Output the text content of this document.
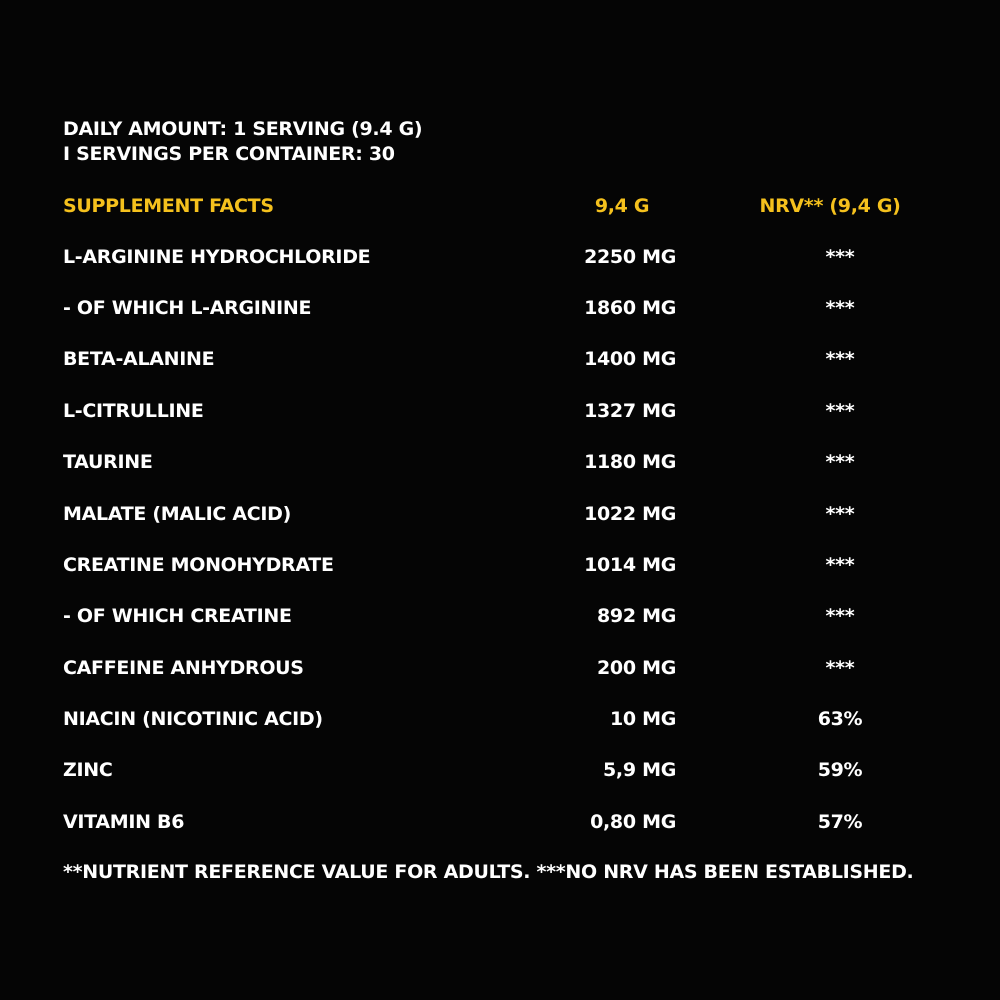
DAILY AMOUNT: 1 SERVING (9.4 G)
I SERVINGS PER CONTAINER: 30
SUPPLEMENT FACTS	9,4 G	NRV** (9,4 G)
L-ARGININE HYDROCHLORIDE	2250 MG	***
- OF WHICH L-ARGININE	1860 MG	***
BETA-ALANINE	1400 MG	***
L-CITRULLINE	1327 MG	***
TAURINE	1180 MG	***
MALATE (MALIC ACID)	1022 MG	***
CREATINE MONOHYDRATE	1014 MG	***
- OF WHICH CREATINE	892 MG	***
CAFFEINE ANHYDROUS	200 MG	***
NIACIN (NICOTINIC ACID)	10 MG	63%
ZINC	5,9 MG	59%
VITAMIN B6	0,80 MG	57%
**NUTRIENT REFERENCE VALUE FOR ADULTS. ***NO NRV HAS BEEN ESTABLISHED.
